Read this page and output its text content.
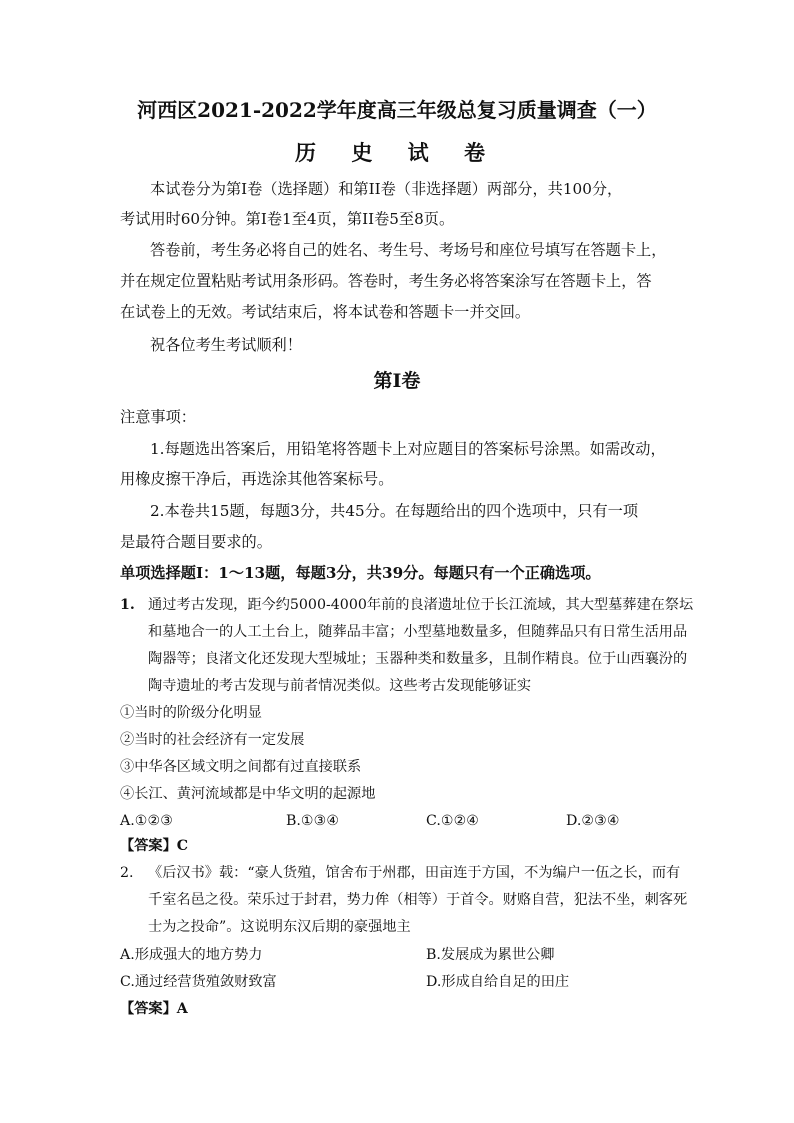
河西区2021-2022学年度高三年级总复习质量调查（一）
历 史 试 卷
本试卷分为第Ⅰ卷（选择题）和第II卷（非选择题）两部分，共100分，
考试用时60分钟。第Ⅰ卷1至4页，第II卷5至8页。
答卷前，考生务必将自己的姓名、考生号、考场号和座位号填写在答题卡上，
并在规定位置粘贴考试用条形码。答卷时，考生务必将答案涂写在答题卡上，答
在试卷上的无效。考试结束后，将本试卷和答题卡一并交回。
祝各位考生考试顺利！
第Ⅰ卷
注意事项：
1.每题选出答案后，用铅笔将答题卡上对应题目的答案标号涂黑。如需改动，
用橡皮擦干净后，再选涂其他答案标号。
2.本卷共15题，每题3分，共45分。在每题给出的四个选项中，只有一项
是最符合题目要求的。
单项选择题Ⅰ：1～13题，每题3分，共39分。每题只有一个正确选项。
1. 通过考古发现，距今约5000-4000年前的良渚遗址位于长江流域，其大型墓葬建在祭坛
和墓地合一的人工土台上，随葬品丰富；小型墓地数量多，但随葬品只有日常生活用品
陶器等；良渚文化还发现大型城址；玉器种类和数量多，且制作精良。位于山西襄汾的
陶寺遗址的考古发现与前者情况类似。这些考古发现能够证实
①当时的阶级分化明显
②当时的社会经济有一定发展
③中华各区域文明之间都有过直接联系
④长江、黄河流域都是中华文明的起源地
A.①②③	B.①③④	C.①②④	D.②③④
【答案】C
2. 《后汉书》载：“豪人货殖，馆舍布于州郡，田亩连于方国，不为编户一伍之长，而有
千室名邑之役。荣乐过于封君，势力侔（相等）于首令。财赂自营，犯法不坐，刺客死
士为之投命”。这说明东汉后期的豪强地主
A.形成强大的地方势力	B.发展成为累世公卿
C.通过经营货殖敛财致富	D.形成自给自足的田庄
【答案】A
